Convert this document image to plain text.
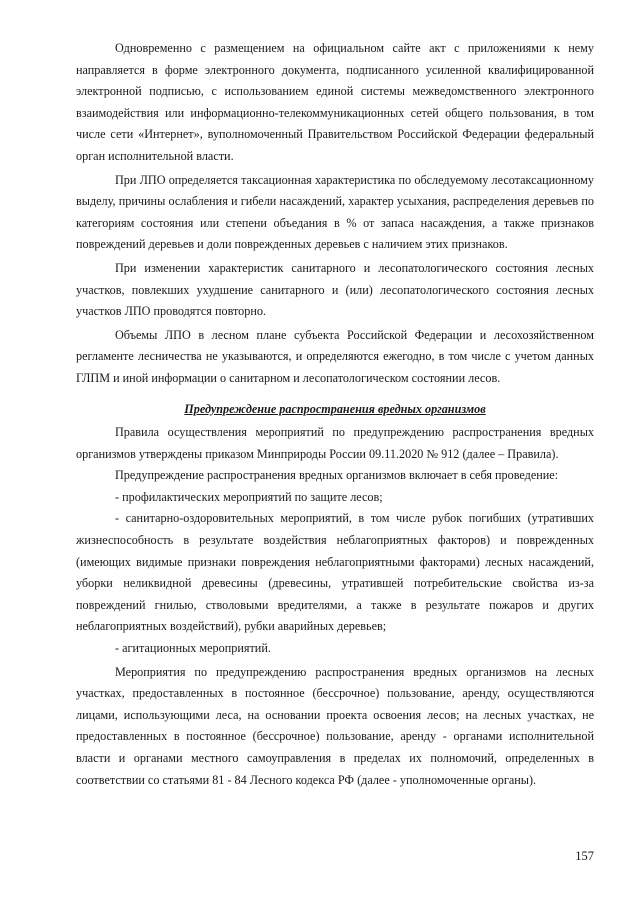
Одновременно с размещением на официальном сайте акт с приложениями к нему направляется в форме электронного документа, подписанного усиленной квалифицированной электронной подписью, с использованием единой системы межведомственного электронного взаимодействия или информационно-телекоммуникационных сетей общего пользования, в том числе сети «Интернет», вуполномоченный Правительством Российской Федерации федеральный орган исполнительной власти.

При ЛПО определяется таксационная характеристика по обследуемому лесотаксационному выделу, причины ослабления и гибели насаждений, характер усыхания, распределения деревьев по категориям состояния или степени объедания в % от запаса насаждения, а также признаков повреждений деревьев и доли поврежденных деревьев с наличием этих признаков.

При изменении характеристик санитарного и лесопатологического состояния лесных участков, повлекших ухудшение санитарного и (или) лесопатологического состояния лесных участков ЛПО проводятся повторно.

Объемы ЛПО в лесном плане субъекта Российской Федерации и лесохозяйственном регламенте лесничества не указываются, и определяются ежегодно, в том числе с учетом данных ГЛПМ и иной информации о санитарном и лесопатологическом состоянии лесов.

Предупреждение распространения вредных организмов

Правила осуществления мероприятий по предупреждению распространения вредных организмов утверждены приказом Минприроды России 09.11.2020 № 912 (далее – Правила).

Предупреждение распространения вредных организмов включает в себя проведение:

- профилактических мероприятий по защите лесов;

- санитарно-оздоровительных мероприятий, в том числе рубок погибших (утративших жизнеспособность в результате воздействия неблагоприятных факторов) и поврежденных (имеющих видимые признаки повреждения неблагоприятными факторами) лесных насаждений, уборки неликвидной древесины (древесины, утратившей потребительские свойства из-за повреждений гнилью, стволовыми вредителями, а также в результате пожаров и других неблагоприятных воздействий), рубки аварийных деревьев;

- агитационных мероприятий.

Мероприятия по предупреждению распространения вредных организмов на лесных участках, предоставленных в постоянное (бессрочное) пользование, аренду, осуществляются лицами, использующими леса, на основании проекта освоения лесов; на лесных участках, не предоставленных в постоянное (бессрочное) пользование, аренду - органами исполнительной власти и органами местного самоуправления в пределах их полномочий, определенных в соответствии со статьями 81 - 84 Лесного кодекса РФ (далее - уполномоченные органы).

157
